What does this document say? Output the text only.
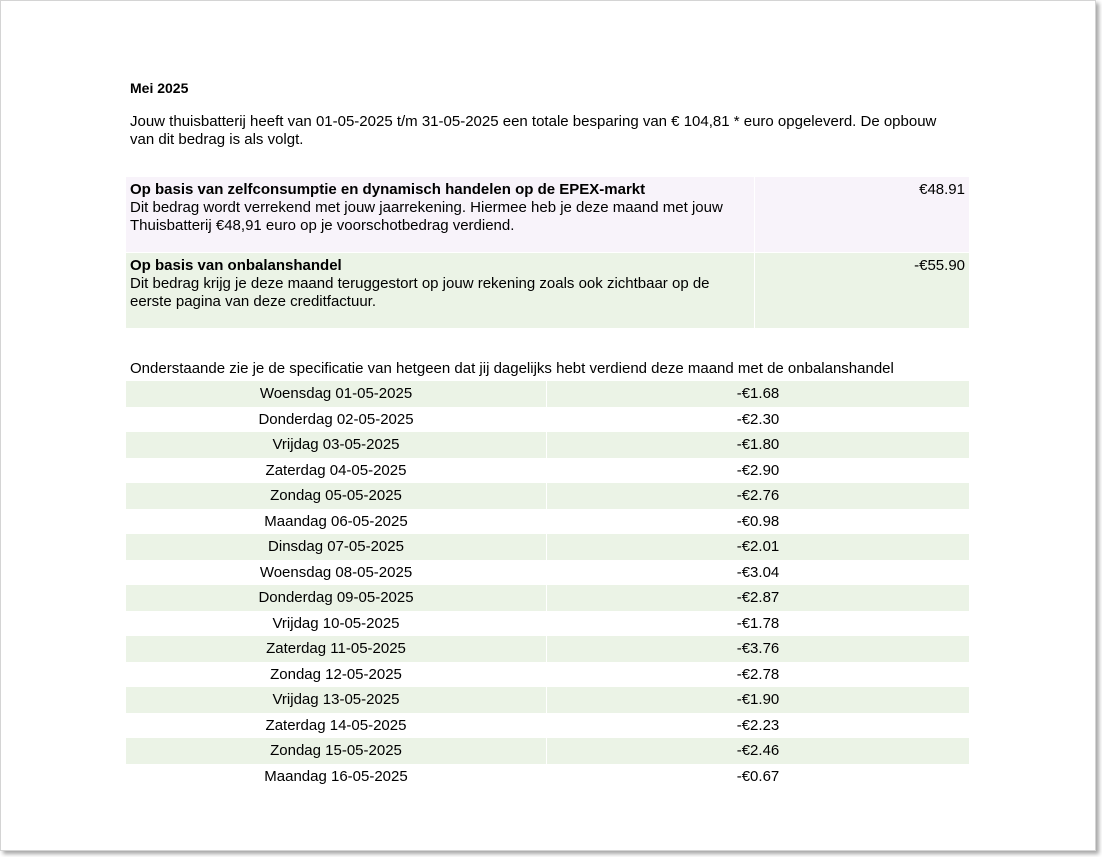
Mei 2025
Jouw thuisbatterij heeft van 01-05-2025 t/m 31-05-2025 een totale besparing van € 104,81 * euro opgeleverd. De opbouw van dit bedrag is als volgt.
Op basis van zelfconsumptie en dynamisch handelen op de EPEX-markt
Dit bedrag wordt verrekend met jouw jaarrekening. Hiermee heb je deze maand met jouw Thuisbatterij €48,91 euro op je voorschotbedrag verdiend.
€48.91
Op basis van onbalanshandel
Dit bedrag krijg je deze maand teruggestort op jouw rekening zoals ook zichtbaar op de eerste pagina van deze creditfactuur.
-€55.90
Onderstaande zie je de specificatie van hetgeen dat jij dagelijks hebt verdiend deze maand met de onbalanshandel
Woensdag 01-05-2025	-€1.68
Donderdag 02-05-2025	-€2.30
Vrijdag 03-05-2025	-€1.80
Zaterdag 04-05-2025	-€2.90
Zondag 05-05-2025	-€2.76
Maandag 06-05-2025	-€0.98
Dinsdag 07-05-2025	-€2.01
Woensdag 08-05-2025	-€3.04
Donderdag 09-05-2025	-€2.87
Vrijdag 10-05-2025	-€1.78
Zaterdag 11-05-2025	-€3.76
Zondag 12-05-2025	-€2.78
Vrijdag 13-05-2025	-€1.90
Zaterdag 14-05-2025	-€2.23
Zondag 15-05-2025	-€2.46
Maandag 16-05-2025	-€0.67
